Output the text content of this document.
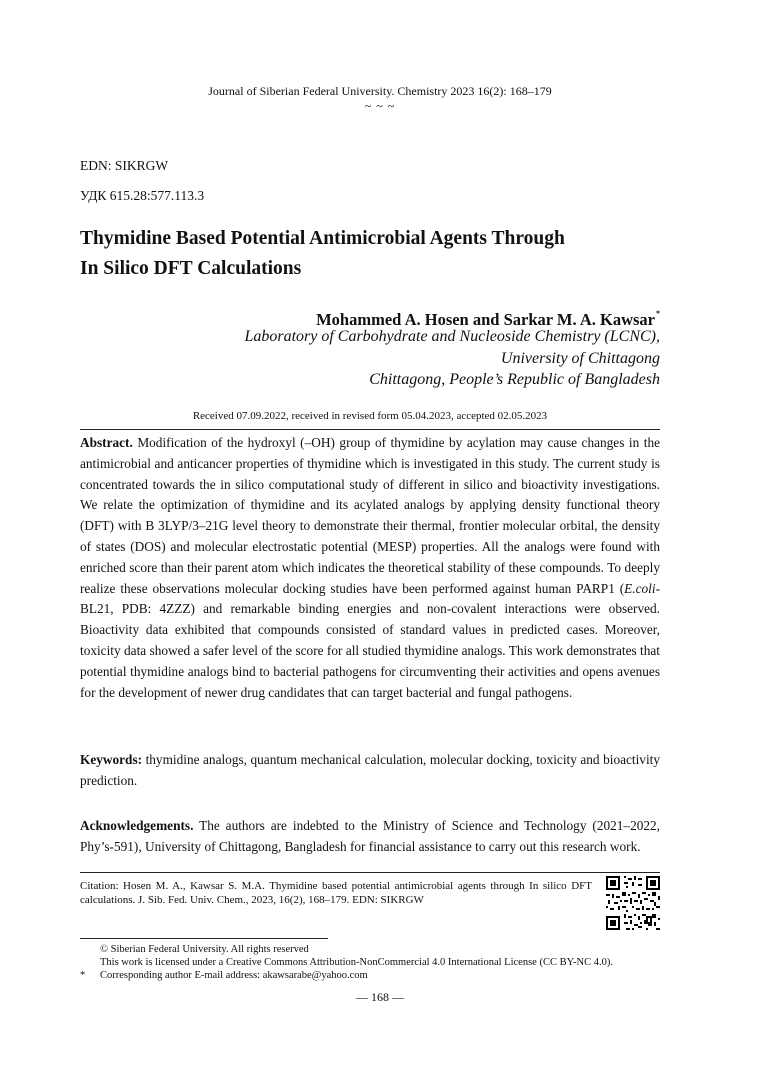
Journal of Siberian Federal University. Chemistry 2023 16(2): 168–179
~ ~ ~
EDN: SIKRGW
УДК 615.28:577.113.3
Thymidine Based Potential Antimicrobial Agents Through
In Silico DFT Calculations
Mohammed A. Hosen and Sarkar M. A. Kawsar*
Laboratory of Carbohydrate and Nucleoside Chemistry (LCNC),
University of Chittagong
Chittagong, People’s Republic of Bangladesh
Received 07.09.2022, received in revised form 05.04.2023, accepted 02.05.2023

Abstract. Modification of the hydroxyl (–OH) group of thymidine by acylation may cause changes in the antimicrobial and anticancer properties of thymidine which is investigated in this study. The current study is concentrated towards the in silico computational study of different in silico and bioactivity investigations. We relate the optimization of thymidine and its acylated analogs by applying density functional theory (DFT) with B 3LYP/3–21G level theory to demonstrate their thermal, frontier molecular orbital, the density of states (DOS) and molecular electrostatic potential (MESP) properties. All the analogs were found with enriched score than their parent atom which indicates the theoretical stability of these compounds. To deeply realize these observations molecular docking studies have been performed against human PARP1 (E.coli-BL21, PDB: 4ZZZ) and remarkable binding energies and non-covalent interactions were observed. Bioactivity data exhibited that compounds consisted of standard values in predicted cases. Moreover, toxicity data showed a safer level of the score for all studied thymidine analogs. This work demonstrates that potential thymidine analogs bind to bacterial pathogens for circumventing their activities and opens avenues for the development of newer drug candidates that can target bacterial and fungal pathogens.

Keywords: thymidine analogs, quantum mechanical calculation, molecular docking, toxicity and bioactivity prediction.

Acknowledgements. The authors are indebted to the Ministry of Science and Technology (2021–2022, Phy’s-591), University of Chittagong, Bangladesh for financial assistance to carry out this research work.

Citation: Hosen M. A., Kawsar S. M.A. Thymidine based potential antimicrobial agents through In silico DFT calculations. J. Sib. Fed. Univ. Chem., 2023, 16(2), 168–179. EDN: SIKRGW

© Siberian Federal University. All rights reserved
This work is licensed under a Creative Commons Attribution-NonCommercial 4.0 International License (CC BY-NC 4.0).
* Corresponding author E-mail address: akawsarabe@yahoo.com
— 168 —
